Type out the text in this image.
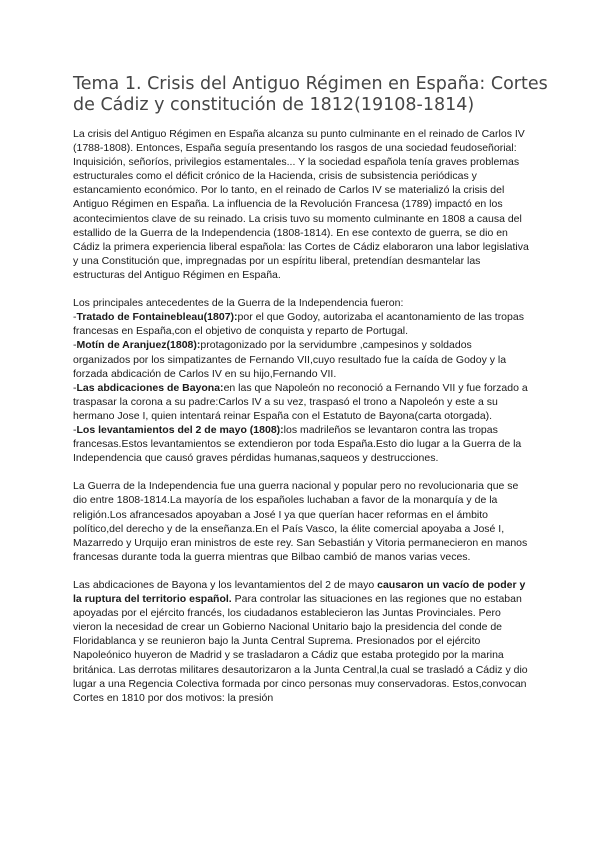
Tema 1. Crisis del Antiguo Régimen en España: Cortes de Cádiz y constitución de 1812(19108-1814)

La crisis del Antiguo Régimen en España alcanza su punto culminante en el reinado de Carlos IV (1788-1808). Entonces, España seguía presentando los rasgos de una sociedad feudoseñorial: Inquisición, señoríos, privilegios estamentales... Y la sociedad española tenía graves problemas estructurales como el déficit crónico de la Hacienda, crisis de subsistencia periódicas y estancamiento económico. Por lo tanto, en el reinado de Carlos IV se materializó la crisis del Antiguo Régimen en España. La influencia de la Revolución Francesa (1789) impactó en los acontecimientos clave de su reinado. La crisis tuvo su momento culminante en 1808 a causa del estallido de la Guerra de la Independencia (1808-1814). En ese contexto de guerra, se dio en Cádiz la primera experiencia liberal española: las Cortes de Cádiz elaboraron una labor legislativa y una Constitución que, impregnadas por un espíritu liberal, pretendían desmantelar las estructuras del Antiguo Régimen en España.

Los principales antecedentes de la Guerra de la Independencia fueron:
-Tratado de Fontainebleau(1807):por el que Godoy, autorizaba el acantonamiento de las tropas francesas en España,con el objetivo de conquista y reparto de Portugal.
-Motín de Aranjuez(1808):protagonizado por la servidumbre ,campesinos y soldados organizados por los simpatizantes de Fernando VII,cuyo resultado fue la caída de Godoy y la forzada abdicación de Carlos IV en su hijo,Fernando VII.
-Las abdicaciones de Bayona:en las que Napoleón no reconoció a Fernando VII y fue forzado a traspasar la corona a su padre:Carlos IV a su vez, traspasó el trono a Napoleón y este a su hermano Jose I, quien intentará reinar España con el Estatuto de Bayona(carta otorgada).
-Los levantamientos del 2 de mayo (1808):los madrileños se levantaron contra las tropas francesas.Estos levantamientos se extendieron por toda España.Esto dio lugar a la Guerra de la Independencia que causó graves pérdidas humanas,saqueos y destrucciones.

La Guerra de la Independencia fue una guerra nacional y popular pero no revolucionaria que se dio entre 1808-1814.La mayoría de los españoles luchaban a favor de la monarquía y de la religión.Los afrancesados apoyaban a José I ya que querían hacer reformas en el ámbito político,del derecho y de la enseñanza.En el País Vasco, la élite comercial apoyaba a José I, Mazarredo y Urquijo eran ministros de este rey. San Sebastián y Vitoria permanecieron en manos francesas durante toda la guerra mientras que Bilbao cambió de manos varias veces.

Las abdicaciones de Bayona y los levantamientos del 2 de mayo causaron un vacío de poder y la ruptura del territorio español. Para controlar las situaciones en las regiones que no estaban apoyadas por el ejército francés, los ciudadanos establecieron las Juntas Provinciales. Pero vieron la necesidad de crear un Gobierno Nacional Unitario bajo la presidencia del conde de Floridablanca y se reunieron bajo la Junta Central Suprema. Presionados por el ejército Napoleónico huyeron de Madrid y se trasladaron a Cádiz que estaba protegido por la marina británica. Las derrotas militares desautorizaron a la Junta Central,la cual se trasladó a Cádiz y dio lugar a una Regencia Colectiva formada por cinco personas muy conservadoras. Estos,convocan Cortes en 1810 por dos motivos: la presión
